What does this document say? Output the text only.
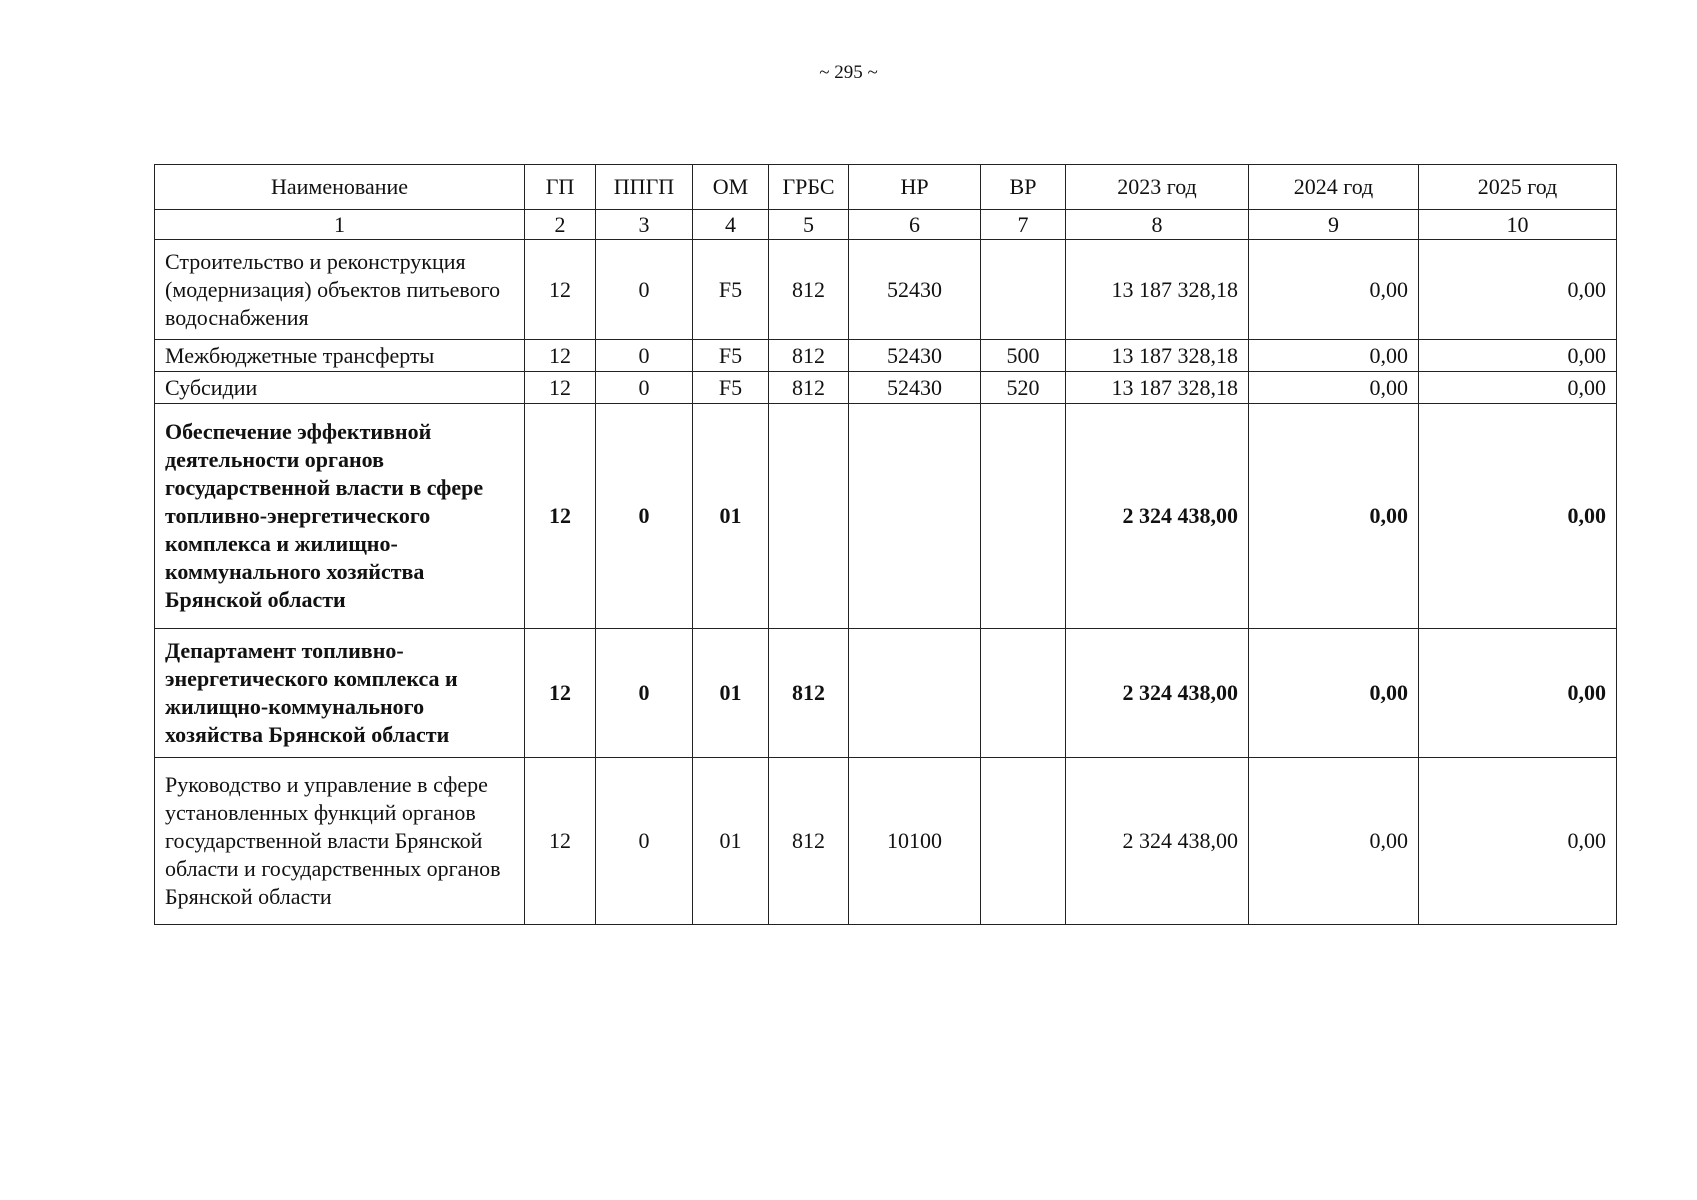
~ 295 ~
Наименование	ГП	ППГП	ОМ	ГРБС	НР	ВР	2023 год	2024 год	2025 год
1	2	3	4	5	6	7	8	9	10
Строительство и реконструкция (модернизация) объектов питьевого водоснабжения	12	0	F5	812	52430		13 187 328,18	0,00	0,00
Межбюджетные трансферты	12	0	F5	812	52430	500	13 187 328,18	0,00	0,00
Субсидии	12	0	F5	812	52430	520	13 187 328,18	0,00	0,00
Обеспечение эффективной деятельности органов государственной власти в сфере топливно-энергетического комплекса и жилищно-коммунального хозяйства Брянской области	12	0	01				2 324 438,00	0,00	0,00
Департамент топливно-энергетического комплекса и жилищно-коммунального хозяйства Брянской области	12	0	01	812			2 324 438,00	0,00	0,00
Руководство и управление в сфере установленных функций органов государственной власти Брянской области и государственных органов Брянской области	12	0	01	812	10100		2 324 438,00	0,00	0,00
